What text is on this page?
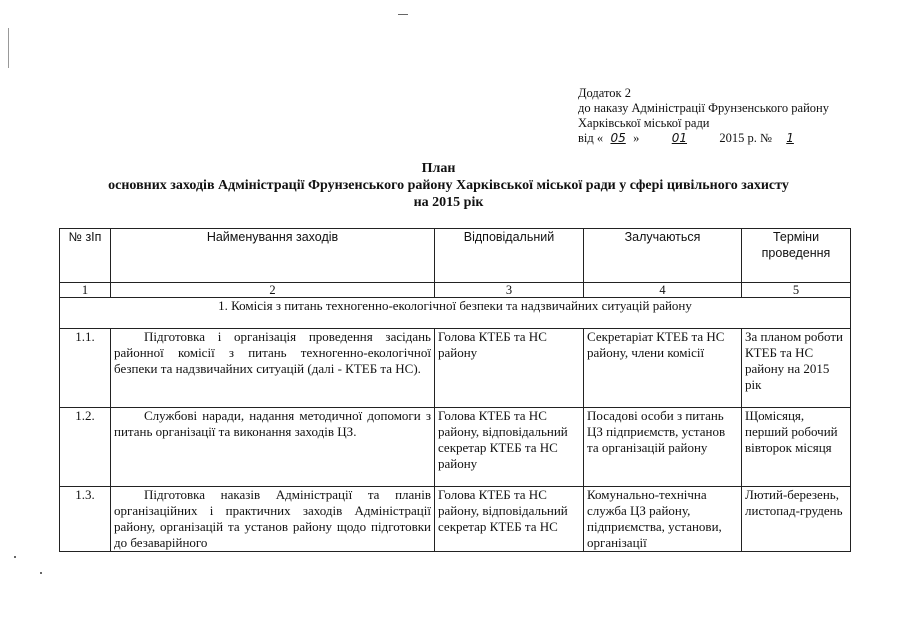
Додаток 2
до наказу Адміністрації Фрунзенського району
Харківської міської ради
від « 05 »	01	2015 р. № 1
План
основних заходів Адміністрації Фрунзенського району Харківської міської ради у сфері цивільного захисту
на 2015 рік
№ зІп	Найменування заходів	Відповідальний	Залучаються	Терміни проведення
1	2	3	4	5
1. Комісія з питань техногенно-екологічної безпеки та надзвичайних ситуацій району				
1.1.	Підготовка і організація проведення засідань районної комісії з питань техногенно-екологічної безпеки та надзвичайних ситуацій (далі - КТЕБ та НС).	Голова КТЕБ та НС району	Секретаріат КТЕБ та НС району, члени комісії	За планом роботи КТЕБ та НС району на 2015 рік
1.2.	Службові наради, надання методичної допомоги з питань організації та виконання заходів ЦЗ.	Голова КТЕБ та НС району, відповідальний секретар КТЕБ та НС району	Посадові особи з питань ЦЗ підприємств, установ та організацій району	Щомісяця, перший робочий вівторок місяця
1.3.	Підготовка наказів Адміністрації та планів організаційних і практичних заходів Адміністрації району, організацій та установ району щодо підготовки до безаварійного	Голова КТЕБ та НС району, відповідальний секретар КТЕБ та НС	Комунально-технічна служба ЦЗ району, підприємства, установи, організації	Лютий-березень, листопад-грудень
